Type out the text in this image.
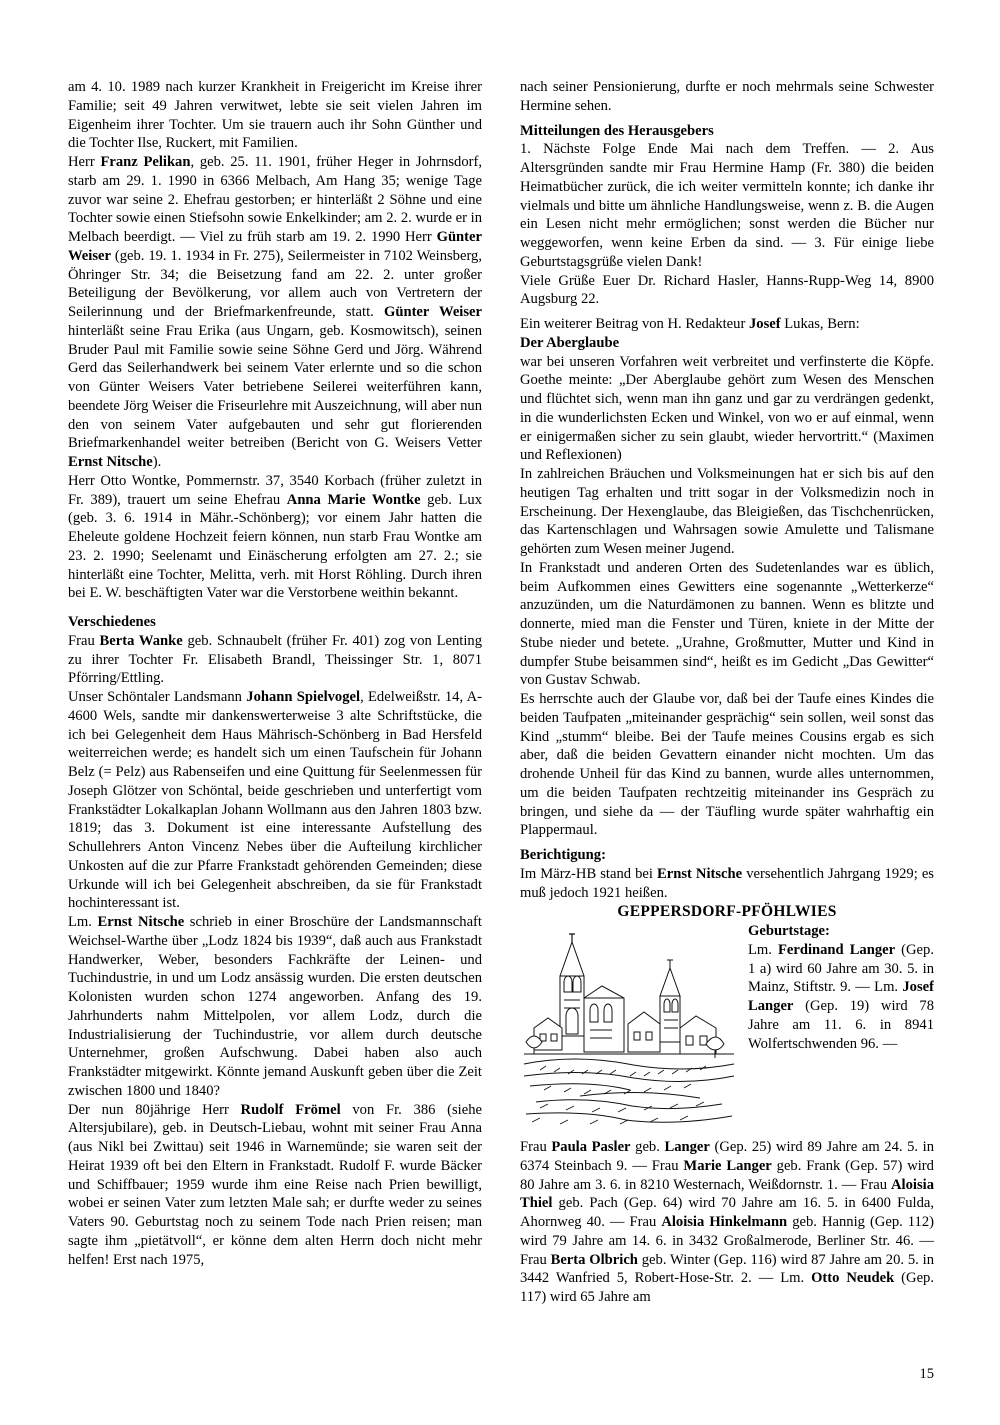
am 4. 10. 1989 nach kurzer Krankheit in Freigericht im Kreise ihrer Familie; seit 49 Jahren verwitwet, lebte sie seit vielen Jahren im Eigenheim ihrer Tochter. Um sie trauern auch ihr Sohn Günther und die Tochter Ilse, Ruckert, mit Familien.

Herr Franz Pelikan, geb. 25. 11. 1901, früher Heger in Johrnsdorf, starb am 29. 1. 1990 in 6366 Melbach, Am Hang 35; wenige Tage zuvor war seine 2. Ehefrau gestorben; er hinterläßt 2 Söhne und eine Tochter sowie einen Stiefsohn sowie Enkelkinder; am 2. 2. wurde er in Melbach beerdigt. — Viel zu früh starb am 19. 2. 1990 Herr Günter Weiser (geb. 19. 1. 1934 in Fr. 275), Seilermeister in 7102 Weinsberg, Öhringer Str. 34; die Beisetzung fand am 22. 2. unter großer Beteiligung der Bevölkerung, vor allem auch von Vertretern der Seilerinnung und der Briefmarkenfreunde, statt. Günter Weiser hinterläßt seine Frau Erika (aus Ungarn, geb. Kosmowitsch), seinen Bruder Paul mit Familie sowie seine Söhne Gerd und Jörg. Während Gerd das Seilerhandwerk bei seinem Vater erlernte und so die schon von Günter Weisers Vater betriebene Seilerei weiterführen kann, beendete Jörg Weiser die Friseurlehre mit Auszeichnung, will aber nun den von seinem Vater aufgebauten und sehr gut florierenden Briefmarkenhandel weiter betreiben (Bericht von G. Weisers Vetter Ernst Nitsche).

Herr Otto Wontke, Pommernstr. 37, 3540 Korbach (früher zuletzt in Fr. 389), trauert um seine Ehefrau Anna Marie Wontke geb. Lux (geb. 3. 6. 1914 in Mähr.-Schönberg); vor einem Jahr hatten die Eheleute goldene Hochzeit feiern können, nun starb Frau Wontke am 23. 2. 1990; Seelenamt und Einäscherung erfolgten am 27. 2.; sie hinterläßt eine Tochter, Melitta, verh. mit Horst Röhling. Durch ihren bei E. W. beschäftigten Vater war die Verstorbene weithin bekannt.

Verschiedenes

Frau Berta Wanke geb. Schnaubelt (früher Fr. 401) zog von Lenting zu ihrer Tochter Fr. Elisabeth Brandl, Theissinger Str. 1, 8071 Pförring/Ettling.

Unser Schöntaler Landsmann Johann Spielvogel, Edelweißstr. 14, A-4600 Wels, sandte mir dankenswerterweise 3 alte Schriftstücke, die ich bei Gelegenheit dem Haus Mährisch-Schönberg in Bad Hersfeld weiterreichen werde; es handelt sich um einen Taufschein für Johann Belz (= Pelz) aus Rabenseifen und eine Quittung für Seelenmessen für Joseph Glötzer von Schöntal, beide geschrieben und unterfertigt vom Frankstädter Lokalkaplan Johann Wollmann aus den Jahren 1803 bzw. 1819; das 3. Dokument ist eine interessante Aufstellung des Schullehrers Anton Vincenz Nebes über die Aufteilung kirchlicher Unkosten auf die zur Pfarre Frankstadt gehörenden Gemeinden; diese Urkunde will ich bei Gelegenheit abschreiben, da sie für Frankstadt hochinteressant ist.

Lm. Ernst Nitsche schrieb in einer Broschüre der Landsmannschaft Weichsel-Warthe über „Lodz 1824 bis 1939“, daß auch aus Frankstadt Handwerker, Weber, besonders Fachkräfte der Leinen- und Tuchindustrie, in und um Lodz ansässig wurden. Die ersten deutschen Kolonisten wurden schon 1274 angeworben. Anfang des 19. Jahrhunderts nahm Mittelpolen, vor allem Lodz, durch die Industrialisierung der Tuchindustrie, vor allem durch deutsche Unternehmer, großen Aufschwung. Dabei haben also auch Frankstädter mitgewirkt. Könnte jemand Auskunft geben über die Zeit zwischen 1800 und 1840?

Der nun 80jährige Herr Rudolf Frömel von Fr. 386 (siehe Altersjubilare), geb. in Deutsch-Liebau, wohnt mit seiner Frau Anna (aus Nikl bei Zwittau) seit 1946 in Warnemünde; sie waren seit der Heirat 1939 oft bei den Eltern in Frankstadt. Rudolf F. wurde Bäcker und Schiffbauer; 1959 wurde ihm eine Reise nach Prien bewilligt, wobei er seinen Vater zum letzten Male sah; er durfte weder zu seines Vaters 90. Geburtstag noch zu seinem Tode nach Prien reisen; man sagte ihm „pietätvoll“, er könne dem alten Herrn doch nicht mehr helfen! Erst nach 1975,

nach seiner Pensionierung, durfte er noch mehrmals seine Schwester Hermine sehen.

Mitteilungen des Herausgebers

1. Nächste Folge Ende Mai nach dem Treffen. — 2. Aus Altersgründen sandte mir Frau Hermine Hamp (Fr. 380) die beiden Heimatbücher zurück, die ich weiter vermitteln konnte; ich danke ihr vielmals und bitte um ähnliche Handlungsweise, wenn z. B. die Augen ein Lesen nicht mehr ermöglichen; sonst werden die Bücher nur weggeworfen, wenn keine Erben da sind. — 3. Für einige liebe Geburtstagsgrüße vielen Dank!

Viele Grüße Euer Dr. Richard Hasler, Hanns-Rupp-Weg 14, 8900 Augsburg 22.

Ein weiterer Beitrag von H. Redakteur Josef Lukas, Bern:

Der Aberglaube

war bei unseren Vorfahren weit verbreitet und verfinsterte die Köpfe. Goethe meinte: „Der Aberglaube gehört zum Wesen des Menschen und flüchtet sich, wenn man ihn ganz und gar zu verdrängen gedenkt, in die wunderlichsten Ecken und Winkel, von wo er auf einmal, wenn er einigermaßen sicher zu sein glaubt, wieder hervortritt.“ (Maximen und Reflexionen)

In zahlreichen Bräuchen und Volksmeinungen hat er sich bis auf den heutigen Tag erhalten und tritt sogar in der Volksmedizin noch in Erscheinung. Der Hexenglaube, das Bleigießen, das Tischchenrücken, das Kartenschlagen und Wahrsagen sowie Amulette und Talismane gehörten zum Wesen meiner Jugend.

In Frankstadt und anderen Orten des Sudetenlandes war es üblich, beim Aufkommen eines Gewitters eine sogenannte „Wetterkerze“ anzuzünden, um die Naturdämonen zu bannen. Wenn es blitzte und donnerte, mied man die Fenster und Türen, kniete in der Mitte der Stube nieder und betete. „Urahne, Großmutter, Mutter und Kind in dumpfer Stube beisammen sind“, heißt es im Gedicht „Das Gewitter“ von Gustav Schwab.

Es herrschte auch der Glaube vor, daß bei der Taufe eines Kindes die beiden Taufpaten „miteinander gesprächig“ sein sollen, weil sonst das Kind „stumm“ bleibe. Bei der Taufe meines Cousins ergab es sich aber, daß die beiden Gevattern einander nicht mochten. Um das drohende Unheil für das Kind zu bannen, wurde alles unternommen, um die beiden Taufpaten rechtzeitig miteinander ins Gespräch zu bringen, und siehe da — der Täufling wurde später wahrhaftig ein Plappermaul.

Berichtigung:

Im März-HB stand bei Ernst Nitsche versehentlich Jahrgang 1929; es muß jedoch 1921 heißen.

GEPPERSDORF-PFÖHLWIES

Geburtstage:

Lm. Ferdinand Langer (Gep. 1 a) wird 60 Jahre am 30. 5. in Mainz, Stiftstr. 9. — Lm. Josef Langer (Gep. 19) wird 78 Jahre am 11. 6. in 8941 Wolfertschwenden 96. —

Frau Paula Pasler geb. Langer (Gep. 25) wird 89 Jahre am 24. 5. in 6374 Steinbach 9. — Frau Marie Langer geb. Frank (Gep. 57) wird 80 Jahre am 3. 6. in 8210 Westernach, Weißdornstr. 1. — Frau Aloisia Thiel geb. Pach (Gep. 64) wird 70 Jahre am 16. 5. in 6400 Fulda, Ahornweg 40. — Frau Aloisia Hinkelmann geb. Hannig (Gep. 112) wird 79 Jahre am 14. 6. in 3432 Großalmerode, Berliner Str. 46. — Frau Berta Olbrich geb. Winter (Gep. 116) wird 87 Jahre am 20. 5. in 3442 Wanfried 5, Robert-Hose-Str. 2. — Lm. Otto Neudek (Gep. 117) wird 65 Jahre am

15
